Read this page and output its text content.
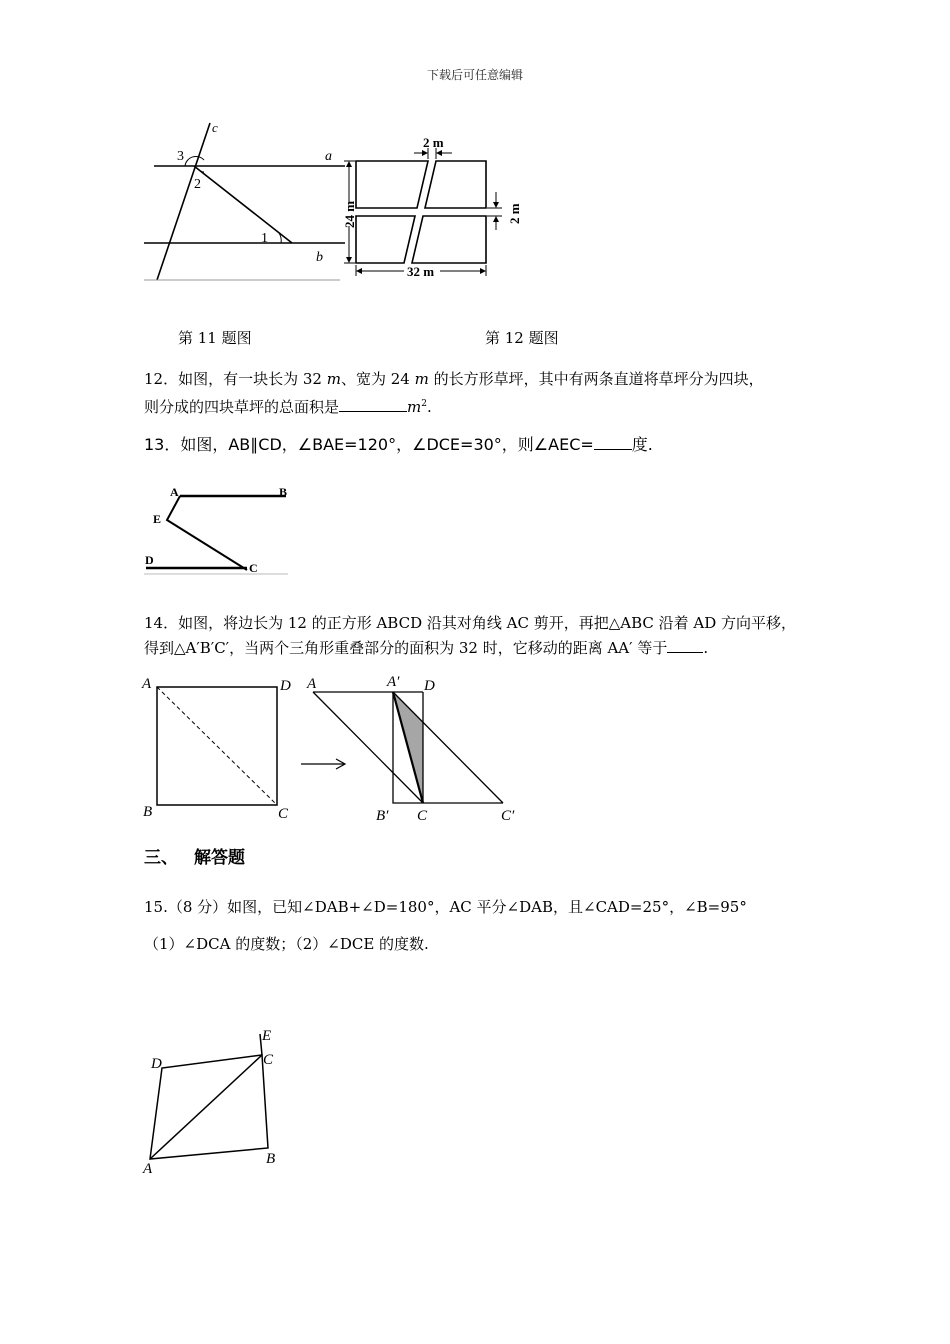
下载后可任意编辑
c
a
b
3
2
1
2 m
2 m
24 m
32 m
第 11 题图	第 12 题图
12．如图，有一块长为 32 m、宽为 24 m 的长方形草坪，其中有两条直道将草坪分为四块，
则分成的四块草坪的总面积是	$m^2$.
13．如图，AB∥CD，∠BAE=120°，∠DCE=30°，则∠AEC= 度.
A	B
E
D
C
14．如图，将边长为 12 的正方形 ABCD 沿其对角线 AC 剪开，再把△ABC 沿着 AD 方向平移，
得到△A′B′C′，当两个三角形重叠部分的面积为 32 时，它移动的距离 AA′ 等于 .
A	D
B	C
A	A′ D
B′ C	C′
三、 解答题
15.（8 分）如图，已知∠DAB+∠D=180°，AC 平分∠DAB，且∠CAD=25°，∠B=95°
（1）∠DCA 的度数；（2）∠DCE 的度数.
E
D	C
A
B
